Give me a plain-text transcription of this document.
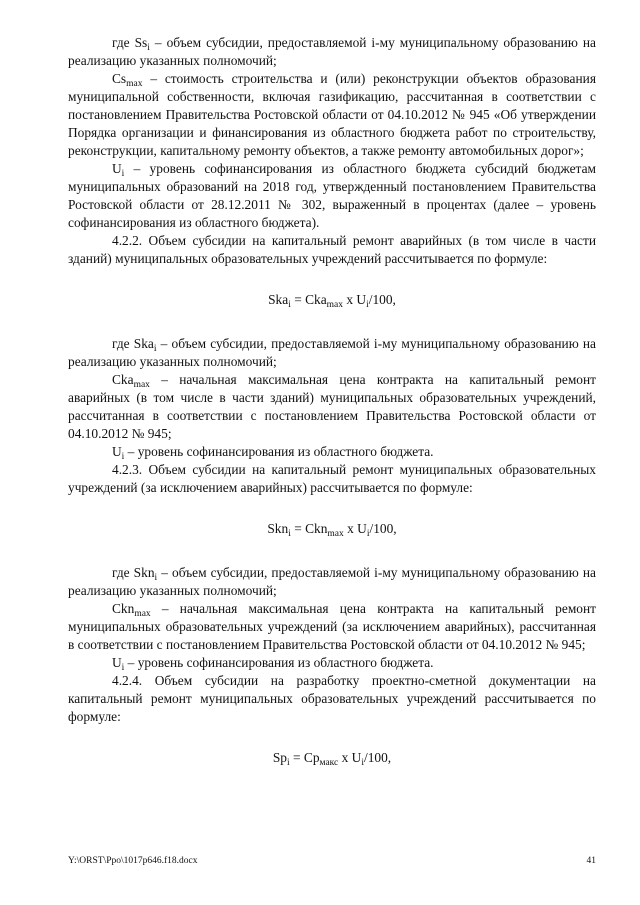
где $Ss_i$ – объем субсидии, предоставляемой i-му муниципальному образованию на реализацию указанных полномочий;

$Cs_{max}$ – стоимость строительства и (или) реконструкции объектов образования муниципальной собственности, включая газификацию, рассчитанная в соответствии с постановлением Правительства Ростовской области от 04.10.2012 № 945 «Об утверждении Порядка организации и финансирования из областного бюджета работ по строительству, реконструкции, капитальному ремонту объектов, а также ремонту автомобильных дорог»;

$U_i$ – уровень софинансирования из областного бюджета субсидий бюджетам муниципальных образований на 2018 год, утвержденный постановлением Правительства Ростовской области от 28.12.2011 № 302, выраженный в процентах (далее – уровень софинансирования из областного бюджета).

4.2.2. Объем субсидии на капитальный ремонт аварийных (в том числе в части зданий) муниципальных образовательных учреждений рассчитывается по формуле:

Ska$_i$ = Cka$_{max}$ x $U_i/100$,

где Ska$_i$ – объем субсидии, предоставляемой i-му муниципальному образованию на реализацию указанных полномочий;

Cka$_{max}$ – начальная максимальная цена контракта на капитальный ремонт аварийных (в том числе в части зданий) муниципальных образовательных учреждений, рассчитанная в соответствии с постановлением Правительства Ростовской области от 04.10.2012 № 945;

$U_i$ – уровень софинансирования из областного бюджета.

4.2.3. Объем субсидии на капитальный ремонт муниципальных образовательных учреждений (за исключением аварийных) рассчитывается по формуле:

Skn$_i$ = Ckn$_{max}$ x $U_i/100$,

где Skn$_i$ – объем субсидии, предоставляемой i-му муниципальному образованию на реализацию указанных полномочий;

Ckn$_{max}$ – начальная максимальная цена контракта на капитальный ремонт муниципальных образовательных учреждений (за исключением аварийных), рассчитанная в соответствии с постановлением Правительства Ростовской области от 04.10.2012 № 945;

$U_i$ – уровень софинансирования из областного бюджета.

4.2.4. Объем субсидии на разработку проектно-сметной документации на капитальный ремонт муниципальных образовательных учреждений рассчитывается по формуле:

$Sp_i = Cp_{макс}$ x $U_i/100$,

Y:\ORST\Ppo\1017p646.f18.docx	41
